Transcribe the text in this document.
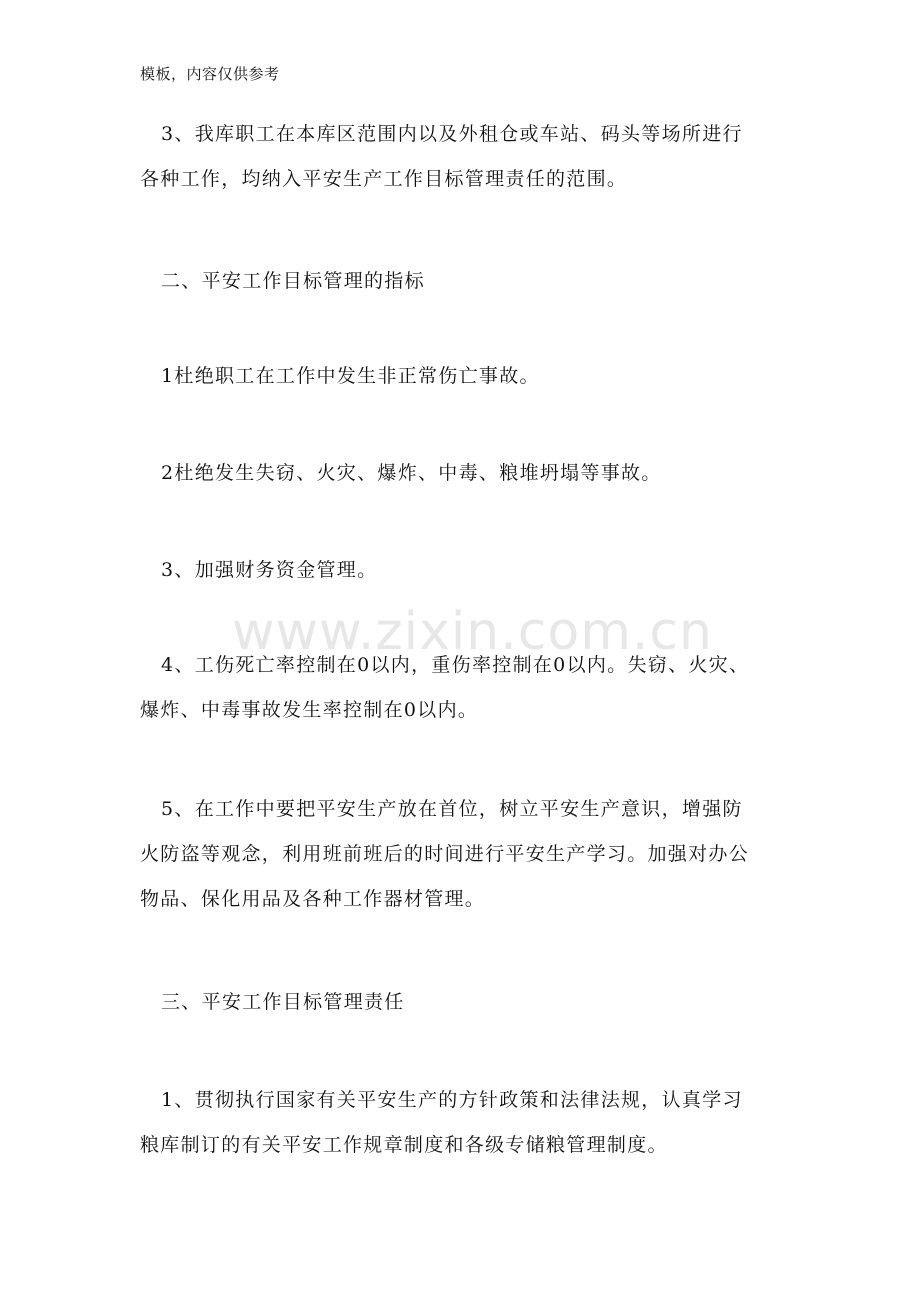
模板，内容仅供参考
www.zixin.com.cn

3、我库职工在本库区范围内以及外租仓或车站、码头等场所进行
各种工作，均纳入平安生产工作目标管理责任的范围。

二、平安工作目标管理的指标

1杜绝职工在工作中发生非正常伤亡事故。

2杜绝发生失窃、火灾、爆炸、中毒、粮堆坍塌等事故。

3、加强财务资金管理。

4、工伤死亡率控制在0以内，重伤率控制在0以内。失窃、火灾、
爆炸、中毒事故发生率控制在0以内。

5、在工作中要把平安生产放在首位，树立平安生产意识，增强防
火防盗等观念，利用班前班后的时间进行平安生产学习。加强对办公
物品、保化用品及各种工作器材管理。

三、平安工作目标管理责任

1、贯彻执行国家有关平安生产的方针政策和法律法规，认真学习
粮库制订的有关平安工作规章制度和各级专储粮管理制度。
